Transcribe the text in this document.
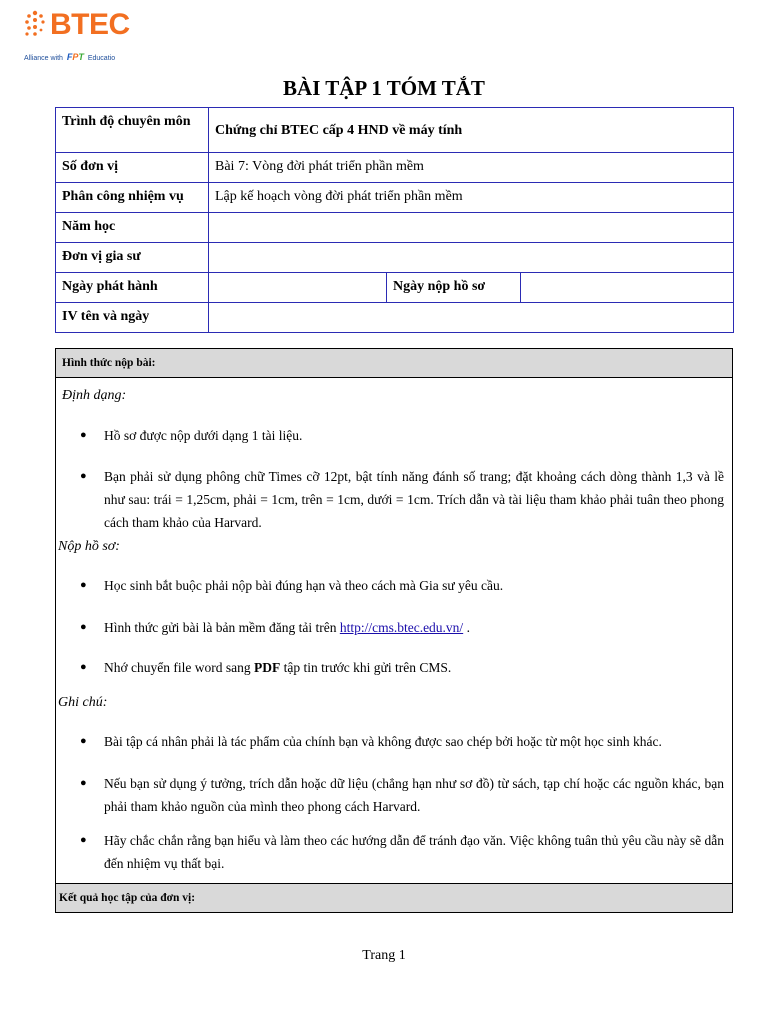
BTEC
Alliance with FPT Educatio
BÀI TẬP 1 TÓM TẮT
Trình độ chuyên môn	Chứng chỉ BTEC cấp 4 HND về máy tính		
Số đơn vị	Bài 7: Vòng đời phát triển phần mềm		
Phân công nhiệm vụ	Lập kế hoạch vòng đời phát triển phần mềm		
Năm học			
Đơn vị gia sư			
Ngày phát hành		Ngày nộp hồ sơ	
IV tên và ngày			
Hình thức nộp bài:
Định dạng:
● Hồ sơ được nộp dưới dạng 1 tài liệu.
● Bạn phải sử dụng phông chữ Times cỡ 12pt, bật tính năng đánh số trang; đặt khoảng cách dòng thành 1,3 và lề như sau: trái = 1,25cm, phải = 1cm, trên = 1cm, dưới = 1cm. Trích dẫn và tài liệu tham khảo phải tuân theo phong cách tham khảo của Harvard.
Nộp hồ sơ:
● Học sinh bắt buộc phải nộp bài đúng hạn và theo cách mà Gia sư yêu cầu.
● Hình thức gửi bài là bản mềm đăng tải trên http://cms.btec.edu.vn/ .
● Nhớ chuyển file word sang PDF tập tin trước khi gửi trên CMS.
Ghi chú:
● Bài tập cá nhân phải là tác phẩm của chính bạn và không được sao chép bởi hoặc từ một học sinh khác.
● Nếu bạn sử dụng ý tưởng, trích dẫn hoặc dữ liệu (chẳng hạn như sơ đồ) từ sách, tạp chí hoặc các nguồn khác, bạn phải tham khảo nguồn của mình theo phong cách Harvard.
● Hãy chắc chắn rằng bạn hiểu và làm theo các hướng dẫn để tránh đạo văn. Việc không tuân thủ yêu cầu này sẽ dẫn đến nhiệm vụ thất bại.
Kết quả học tập của đơn vị:
Trang 1
